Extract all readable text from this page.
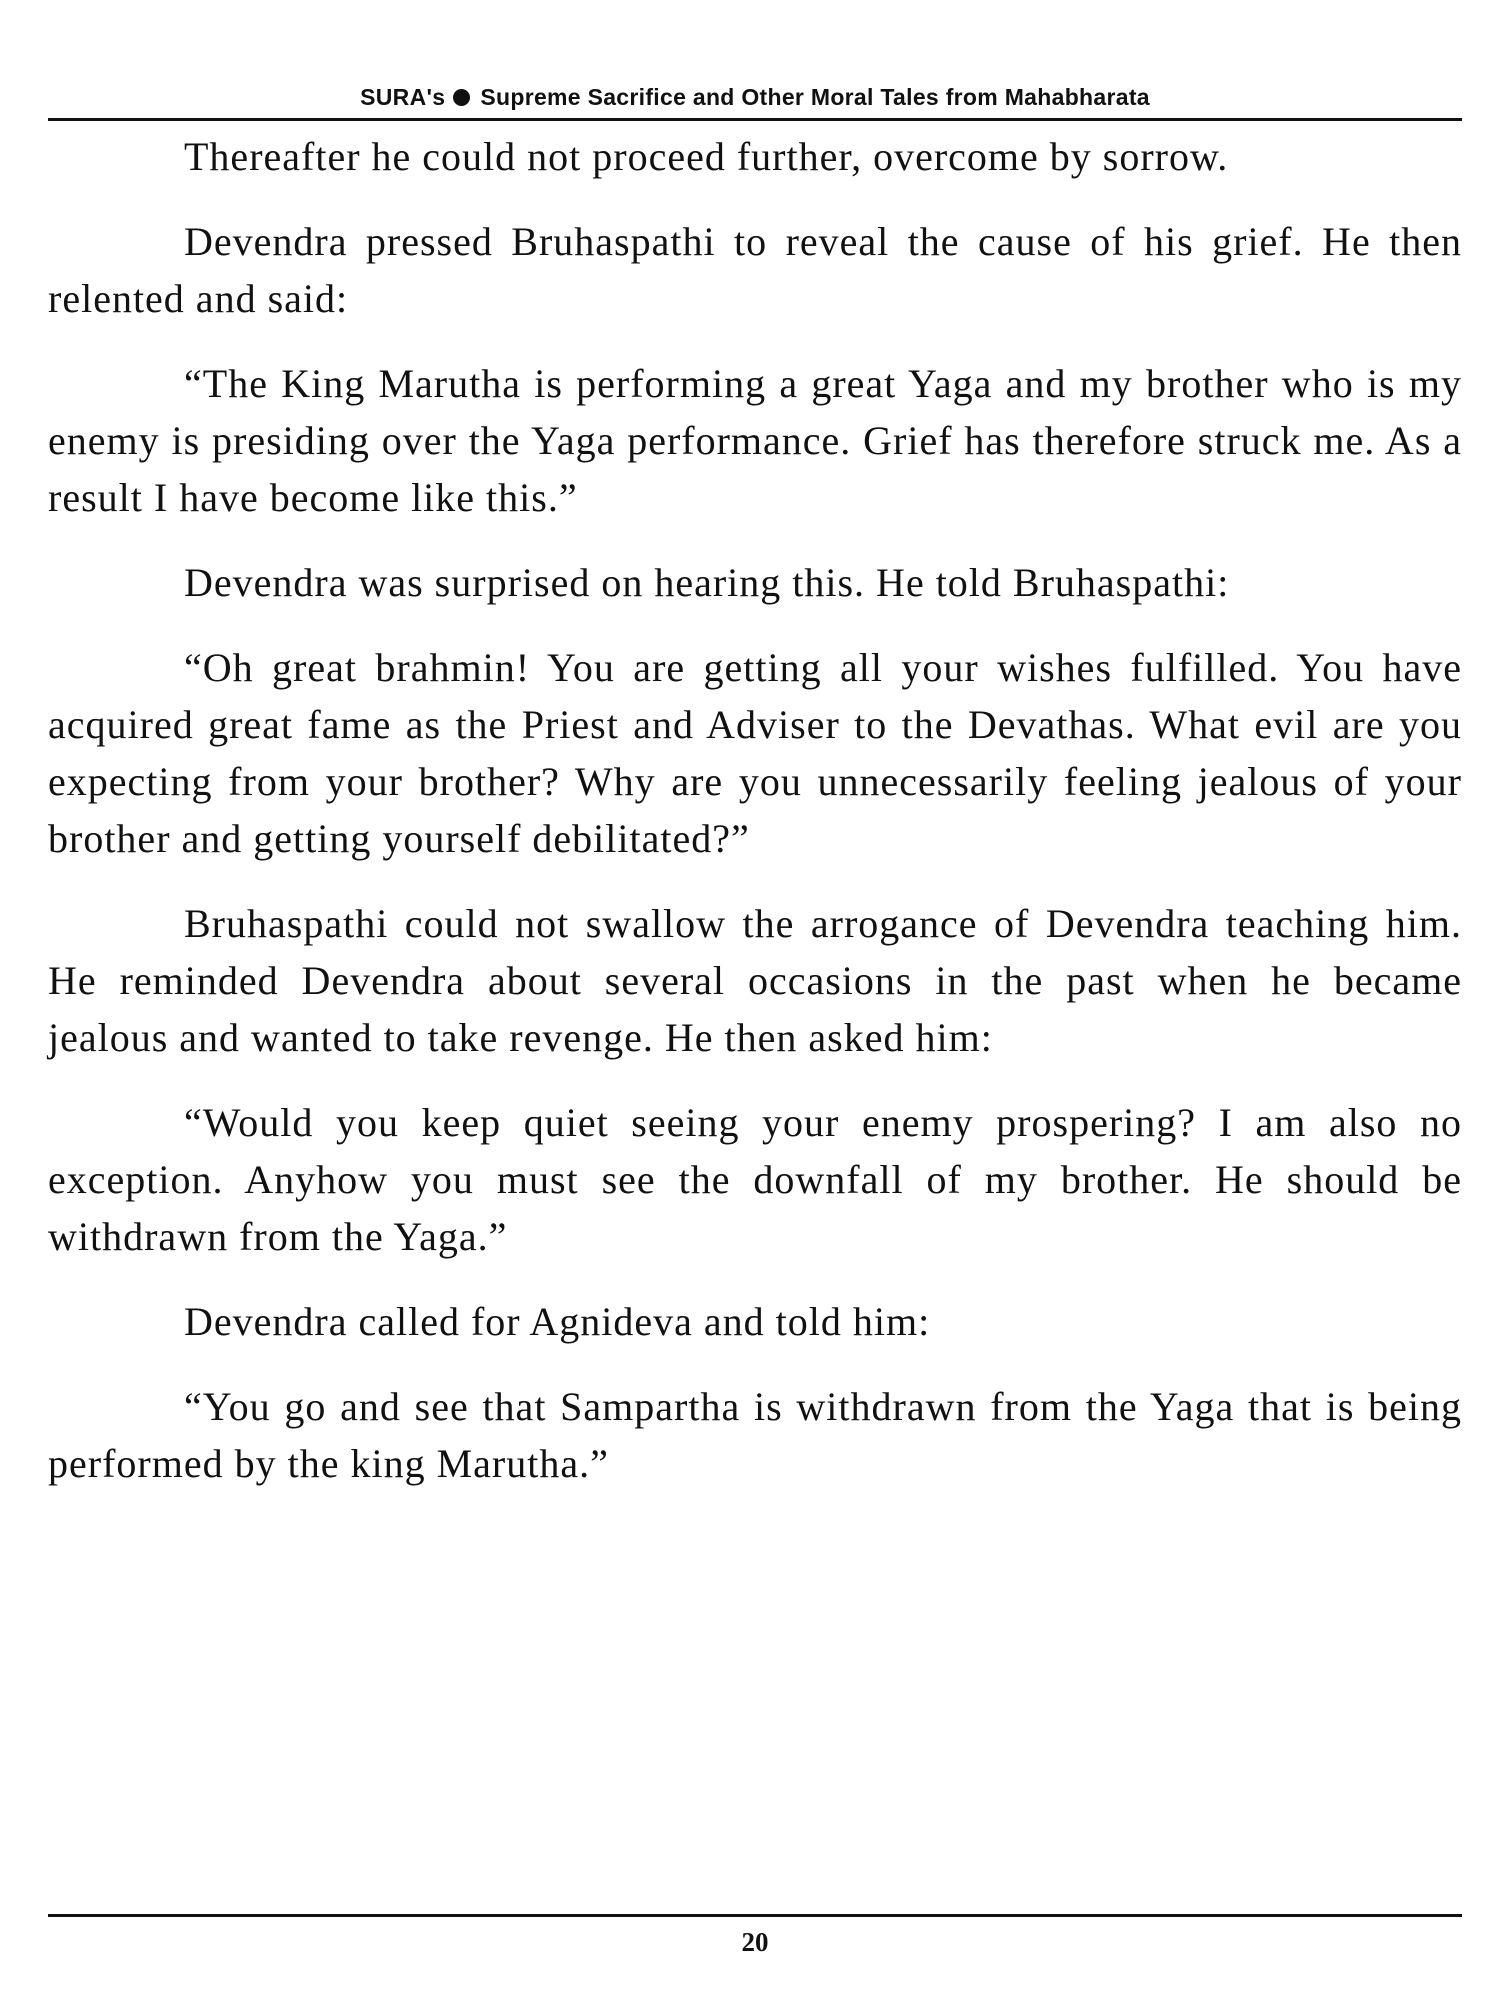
SURA's Supreme Sacrifice and Other Moral Tales from Mahabharata

Thereafter he could not proceed further, overcome by sorrow.

Devendra pressed Bruhaspathi to reveal the cause of his grief. He then relented and said:

“The King Marutha is performing a great Yaga and my brother who is my enemy is presiding over the Yaga performance. Grief has therefore struck me. As a result I have become like this.”

Devendra was surprised on hearing this. He told Bruhaspathi:

“Oh great brahmin! You are getting all your wishes fulfilled. You have acquired great fame as the Priest and Adviser to the Devathas. What evil are you expecting from your brother? Why are you unnecessarily feeling jealous of your brother and getting yourself debilitated?”

Bruhaspathi could not swallow the arrogance of Devendra teaching him. He reminded Devendra about several occasions in the past when he became jealous and wanted to take revenge. He then asked him:

“Would you keep quiet seeing your enemy prospering? I am also no exception. Anyhow you must see the downfall of my brother. He should be withdrawn from the Yaga.”

Devendra called for Agnideva and told him:

“You go and see that Sampartha is withdrawn from the Yaga that is being performed by the king Marutha.”

20
